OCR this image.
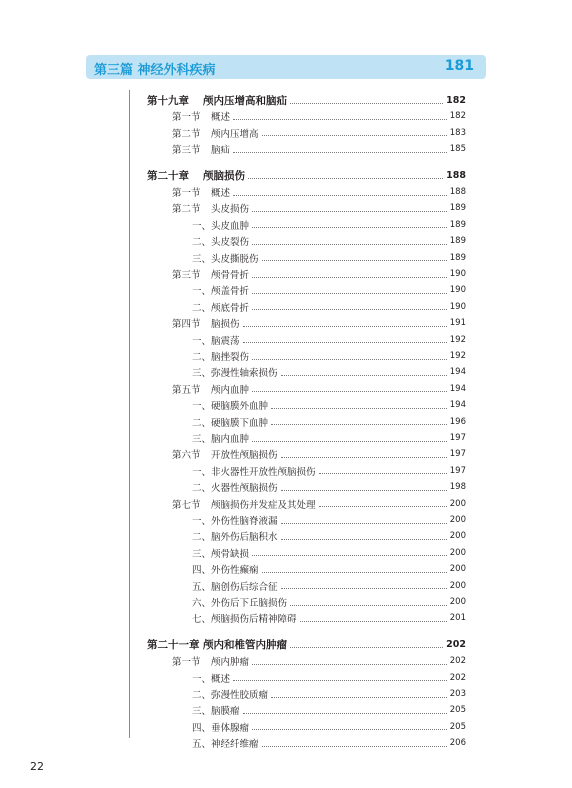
第三篇 神经外科疾病	181
第十九章	颅内压增高和脑疝	182
第一节	概述	182
第二节	颅内压增高	183
第三节	脑疝	185
第二十章	颅脑损伤	188
第一节	概述	188
第二节	头皮损伤	189
一、头皮血肿	189
二、头皮裂伤	189
三、头皮撕脱伤	189
第三节	颅骨骨折	190
一、颅盖骨折	190
二、颅底骨折	190
第四节	脑损伤	191
一、脑震荡	192
二、脑挫裂伤	192
三、弥漫性轴索损伤	194
第五节	颅内血肿	194
一、硬脑膜外血肿	194
二、硬脑膜下血肿	196
三、脑内血肿	197
第六节	开放性颅脑损伤	197
一、非火器性开放性颅脑损伤	197
二、火器性颅脑损伤	198
第七节	颅脑损伤并发症及其处理	200
一、外伤性脑脊液漏	200
二、脑外伤后脑积水	200
三、颅骨缺损	200
四、外伤性癫痫	200
五、脑创伤后综合征	200
六、外伤后下丘脑损伤	200
七、颅脑损伤后精神障碍	201
第二十一章 颅内和椎管内肿瘤	202
第一节	颅内肿瘤	202
一、概述	202
二、弥漫性胶质瘤	203
三、脑膜瘤	205
四、垂体腺瘤	205
五、神经纤维瘤	206
22
